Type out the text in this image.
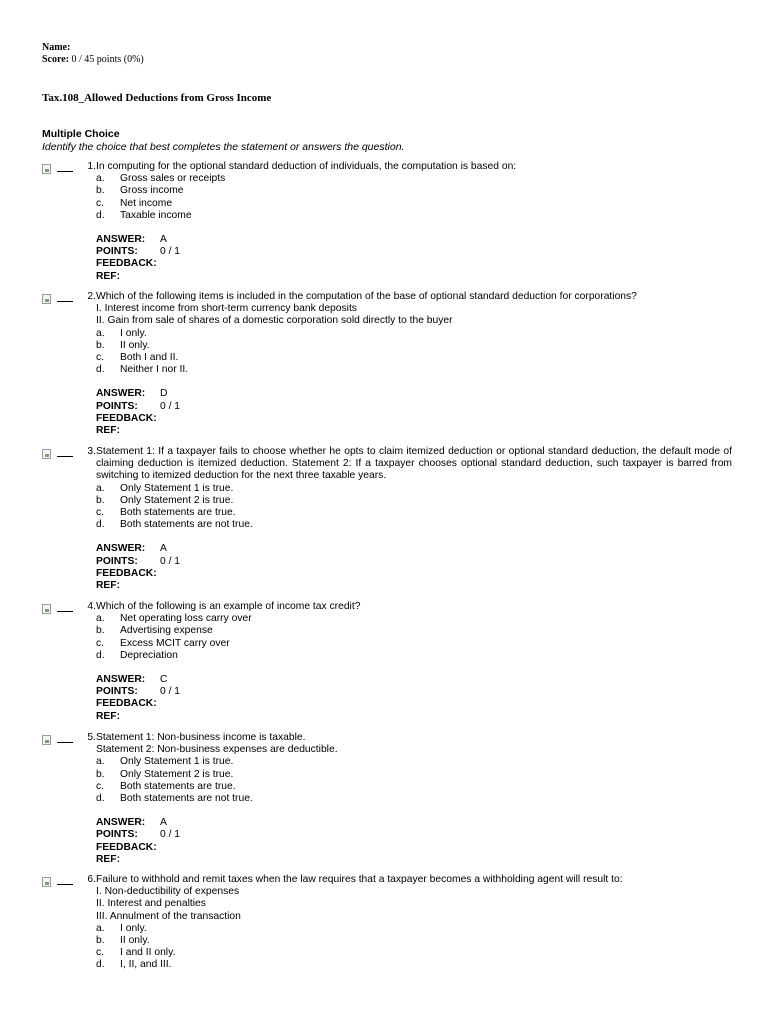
Name:
Score: 0 / 45 points (0%)
Tax.108_Allowed Deductions from Gross Income
Multiple Choice
Identify the choice that best completes the statement or answers the question.
1. In computing for the optional standard deduction of individuals, the computation is based on:
a.	Gross sales or receipts
b.	Gross income
c.	Net income
d.	Taxable income
ANSWER:	A
POINTS:	0 / 1
FEEDBACK:
REF:
2. Which of the following items is included in the computation of the base of optional standard deduction for corporations?
I. Interest income from short-term currency bank deposits
II. Gain from sale of shares of a domestic corporation sold directly to the buyer
a.	I only.
b.	II only.
c.	Both I and II.
d.	Neither I nor II.
ANSWER:	D
POINTS:	0 / 1
FEEDBACK:
REF:
3. Statement 1: If a taxpayer fails to choose whether he opts to claim itemized deduction or optional standard deduction, the default mode of claiming deduction is itemized deduction. Statement 2: If a taxpayer chooses optional standard deduction, such taxpayer is barred from switching to itemized deduction for the next three taxable years.
a.	Only Statement 1 is true.
b.	Only Statement 2 is true.
c.	Both statements are true.
d.	Both statements are not true.
ANSWER:	A
POINTS:	0 / 1
FEEDBACK:
REF:
4. Which of the following is an example of income tax credit?
a.	Net operating loss carry over
b.	Advertising expense
c.	Excess MCIT carry over
d.	Depreciation
ANSWER:	C
POINTS:	0 / 1
FEEDBACK:
REF:
5. Statement 1: Non-business income is taxable.
Statement 2: Non-business expenses are deductible.
a.	Only Statement 1 is true.
b.	Only Statement 2 is true.
c.	Both statements are true.
d.	Both statements are not true.
ANSWER:	A
POINTS:	0 / 1
FEEDBACK:
REF:
6. Failure to withhold and remit taxes when the law requires that a taxpayer becomes a withholding agent will result to:
I. Non-deductibility of expenses
II. Interest and penalties
III. Annulment of the transaction
a.	I only.
b.	II only.
c.	I and II only.
d.	I, II, and III.
